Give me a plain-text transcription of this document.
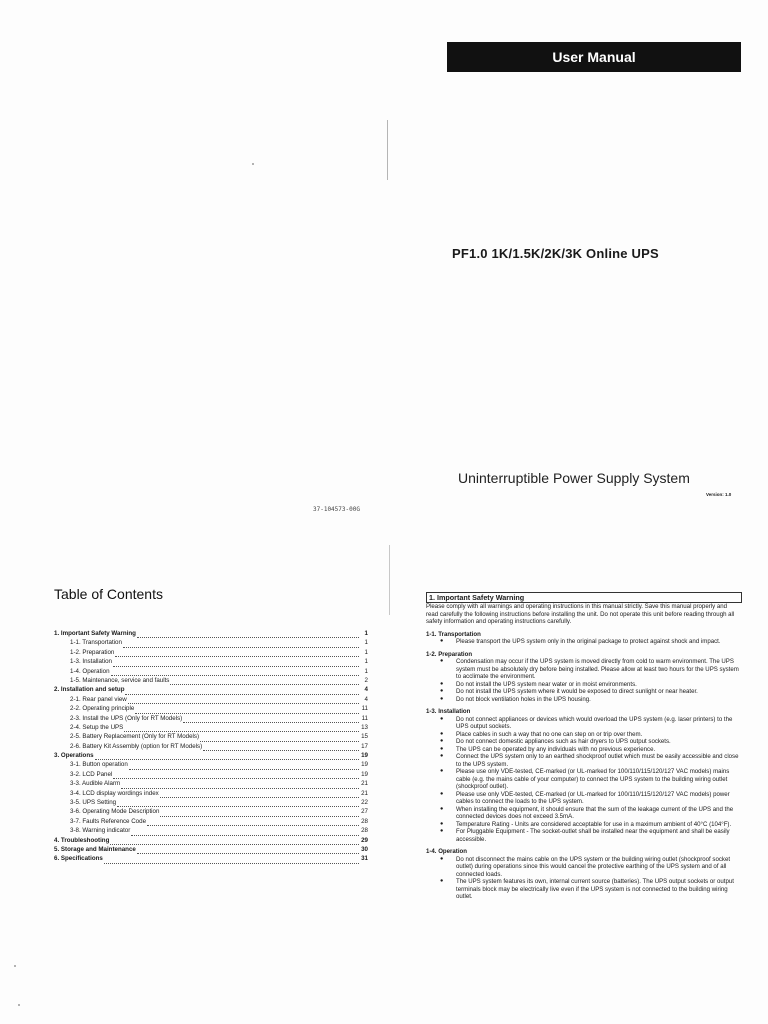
37-104573-00G
User Manual
PF1.0 1K/1.5K/2K/3K Online UPS
Uninterruptible Power Supply System
Version: 1.0
Table of Contents
1. Important Safety Warning	1
1-1. Transportation	1
1-2. Preparation	1
1-3. Installation	1
1-4. Operation	1
1-5. Maintenance, service and faults	2
2. Installation and setup	4
2-1. Rear panel view	4
2-2. Operating principle	11
2-3. Install the UPS (Only for RT Models)	11
2-4. Setup the UPS	13
2-5. Battery Replacement (Only for RT Models)	15
2-6. Battery Kit Assembly (option for RT Models)	17
3. Operations	19
3-1. Button operation	19
3-2. LCD Panel	19
3-3. Audible Alarm	21
3-4. LCD display wordings index	21
3-5. UPS Setting	22
3-6. Operating Mode Description	27
3-7. Faults Reference Code	28
3-8. Warning indicator	28
4. Troubleshooting	29
5. Storage and Maintenance	30
6. Specifications	31
1. Important Safety Warning
Please comply with all warnings and operating instructions in this manual strictly. Save this manual properly and read carefully the following instructions before installing the unit. Do not operate this unit before reading through all safety information and operating instructions carefully.
1-1. Transportation
● Please transport the UPS system only in the original package to protect against shock and impact.
1-2. Preparation
● Condensation may occur if the UPS system is moved directly from cold to warm environment. The UPS system must be absolutely dry before being installed. Please allow at least two hours for the UPS system to acclimate the environment.
● Do not install the UPS system near water or in moist environments.
● Do not install the UPS system where it would be exposed to direct sunlight or near heater.
● Do not block ventilation holes in the UPS housing.
1-3. Installation
● Do not connect appliances or devices which would overload the UPS system (e.g. laser printers) to the UPS output sockets.
● Place cables in such a way that no one can step on or trip over them.
● Do not connect domestic appliances such as hair dryers to UPS output sockets.
● The UPS can be operated by any individuals with no previous experience.
● Connect the UPS system only to an earthed shockproof outlet which must be easily accessible and close to the UPS system.
● Please use only VDE-tested, CE-marked (or UL-marked for 100/110/115/120/127 VAC models) mains cable (e.g. the mains cable of your computer) to connect the UPS system to the building wiring outlet (shockproof outlet).
● Please use only VDE-tested, CE-marked (or UL-marked for 100/110/115/120/127 VAC models) power cables to connect the loads to the UPS system.
● When installing the equipment, it should ensure that the sum of the leakage current of the UPS and the connected devices does not exceed 3.5mA.
● Temperature Rating - Units are considered acceptable for use in a maximum ambient of 40°C (104°F).
● For Pluggable Equipment - The socket-outlet shall be installed near the equipment and shall be easily accessible.
1-4. Operation
● Do not disconnect the mains cable on the UPS system or the building wiring outlet (shockproof socket outlet) during operations since this would cancel the protective earthing of the UPS system and of all connected loads.
● The UPS system features its own, internal current source (batteries). The UPS output sockets or output terminals block may be electrically live even if the UPS system is not connected to the building wiring outlet.
